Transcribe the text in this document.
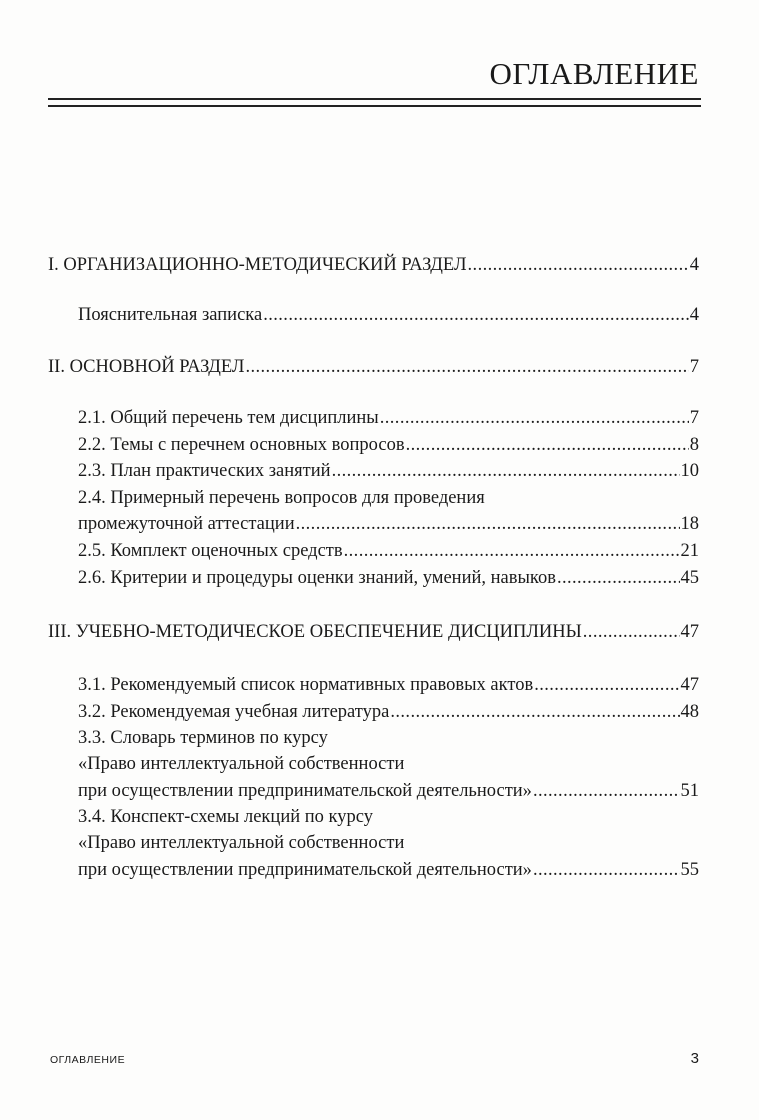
ОГЛАВЛЕНИЕ
I. ОРГАНИЗАЦИОННО-МЕТОДИЧЕСКИЙ РАЗДЕЛ .....	4
Пояснительная записка .....	4
II. ОСНОВНОЙ РАЗДЕЛ .....	7
2.1. Общий перечень тем дисциплины .....	7
2.2. Темы с перечнем основных вопросов .....	8
2.3. План практических занятий .....	10
2.4. Примерный перечень вопросов для проведения
промежуточной аттестации .....	18
2.5. Комплект оценочных средств .....	21
2.6. Критерии и процедуры оценки знаний, умений, навыков .....	45
III. УЧЕБНО-МЕТОДИЧЕСКОЕ ОБЕСПЕЧЕНИЕ ДИСЦИПЛИНЫ .....	47
3.1. Рекомендуемый список нормативных правовых актов .....	47
3.2. Рекомендуемая учебная литература .....	48
3.3. Словарь терминов по курсу
«Право интеллектуальной собственности
при осуществлении предпринимательской деятельности» .....	51
3.4. Конспект-схемы лекций по курсу
«Право интеллектуальной собственности
при осуществлении предпринимательской деятельности» .....	55
ОГЛАВЛЕНИЕ	3
